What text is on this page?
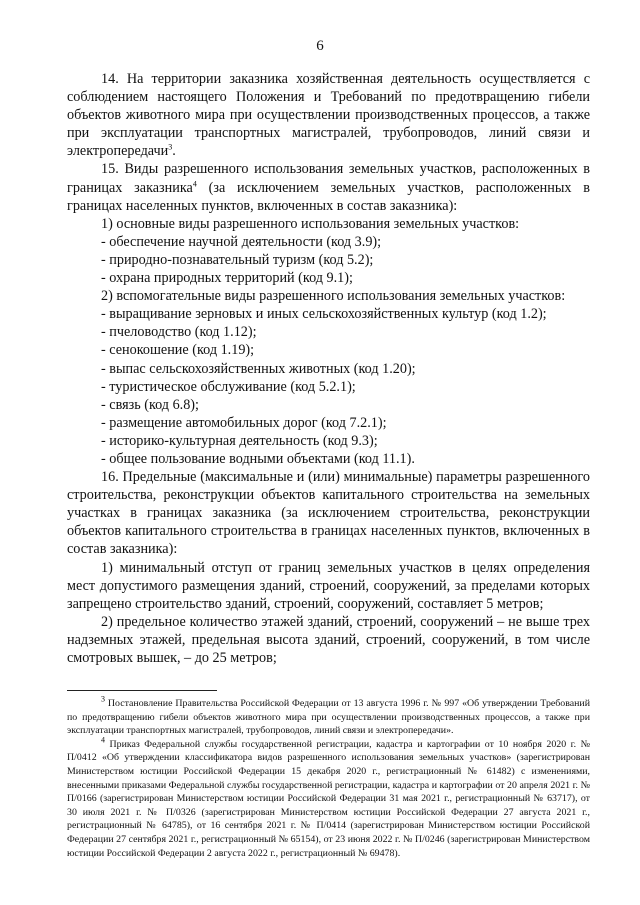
6

14. На территории заказника хозяйственная деятельность осуществляется с соблюдением настоящего Положения и Требований по предотвращению гибели объектов животного мира при осуществлении производственных процессов, а также при эксплуатации транспортных магистралей, трубопроводов, линий связи и электропередачи$^3$.

15. Виды разрешенного использования земельных участков, расположенных в границах заказника$^4$ (за исключением земельных участков, расположенных в границах населенных пунктов, включенных в состав заказника):

1) основные виды разрешенного использования земельных участков:

- обеспечение научной деятельности (код 3.9);

- природно-познавательный туризм (код 5.2);

- охрана природных территорий (код 9.1);

2) вспомогательные виды разрешенного использования земельных участков:

- выращивание зерновых и иных сельскохозяйственных культур (код 1.2);

- пчеловодство (код 1.12);

- сенокошение (код 1.19);

- выпас сельскохозяйственных животных (код 1.20);

- туристическое обслуживание (код 5.2.1);

- связь (код 6.8);

- размещение автомобильных дорог (код 7.2.1);

- историко-культурная деятельность (код 9.3);

- общее пользование водными объектами (код 11.1).

16. Предельные (максимальные и (или) минимальные) параметры разрешенного строительства, реконструкции объектов капитального строительства на земельных участках в границах заказника (за исключением строительства, реконструкции объектов капитального строительства в границах населенных пунктов, включенных в состав заказника):

1) минимальный отступ от границ земельных участков в целях определения мест допустимого размещения зданий, строений, сооружений, за пределами которых запрещено строительство зданий, строений, сооружений, составляет 5 метров;

2) предельное количество этажей зданий, строений, сооружений – не выше трех надземных этажей, предельная высота зданий, строений, сооружений, в том числе смотровых вышек, – до 25 метров;

$^3$ Постановление Правительства Российской Федерации от 13 августа 1996 г. № 997 «Об утверждении Требований по предотвращению гибели объектов животного мира при осуществлении производственных процессов, а также при эксплуатации транспортных магистралей, трубопроводов, линий связи и электропередачи».

$^4$ Приказ Федеральной службы государственной регистрации, кадастра и картографии от 10 ноября 2020 г. № П/0412 «Об утверждении классификатора видов разрешенного использования земельных участков» (зарегистрирован Министерством юстиции Российской Федерации 15 декабря 2020 г., регистрационный № 61482) с изменениями, внесенными приказами Федеральной службы государственной регистрации, кадастра и картографии от 20 апреля 2021 г. № П/0166 (зарегистрирован Министерством юстиции Российской Федерации 31 мая 2021 г., регистрационный № 63717), от 30 июля 2021 г. № П/0326 (зарегистрирован Министерством юстиции Российской Федерации 27 августа 2021 г., регистрационный № 64785), от 16 сентября 2021 г. № П/0414 (зарегистрирован Министерством юстиции Российской Федерации 27 сентября 2021 г., регистрационный № 65154), от 23 июня 2022 г. № П/0246 (зарегистрирован Министерством юстиции Российской Федерации 2 августа 2022 г., регистрационный № 69478).
